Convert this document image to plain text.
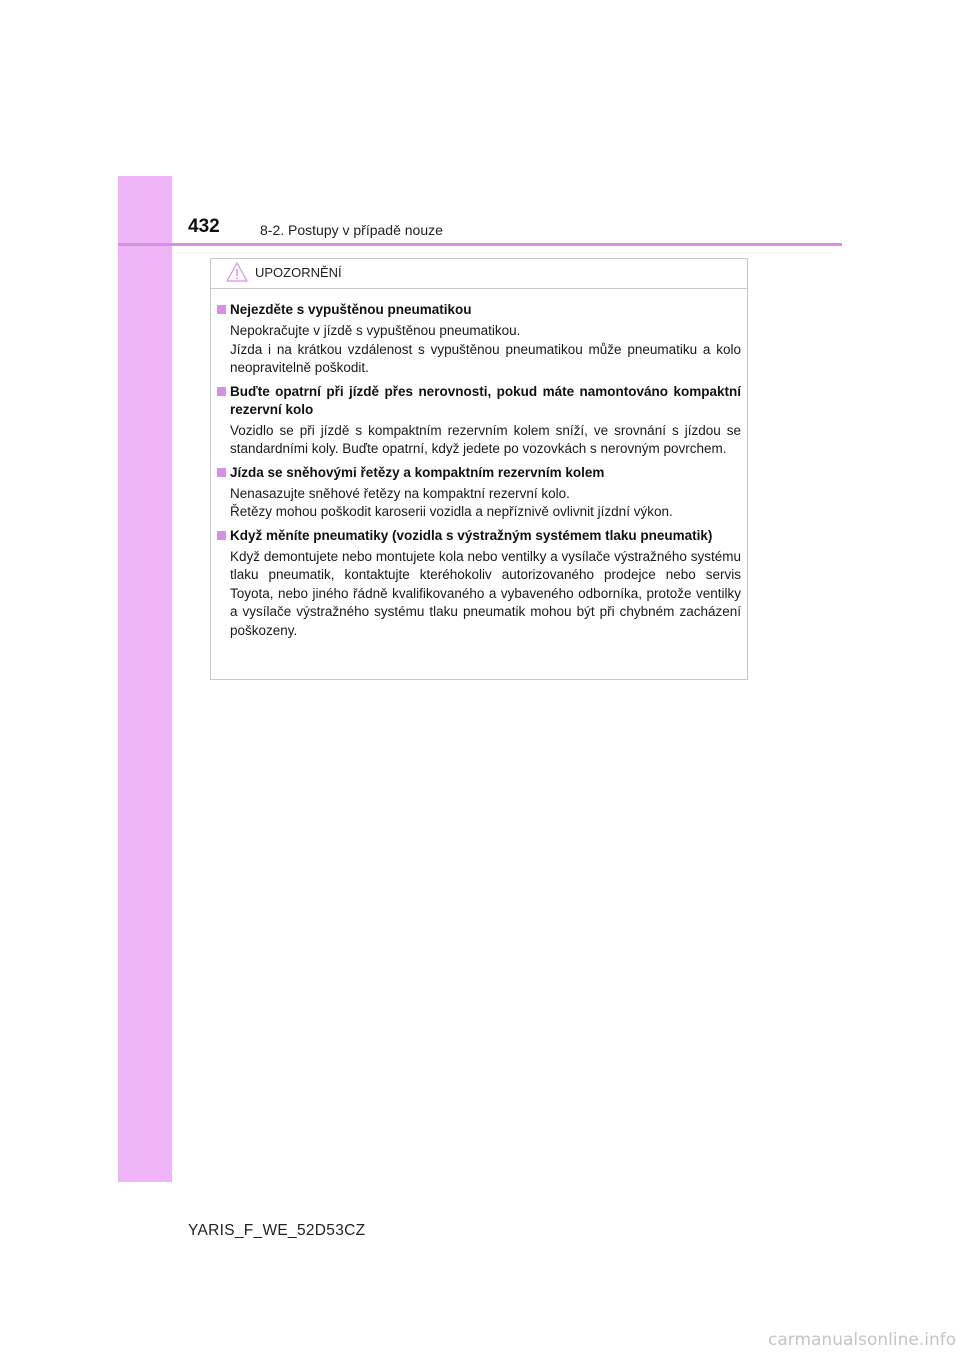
432	8-2. Postupy v případě nouze
UPOZORNĚNÍ
Nejezděte s vypuštěnou pneumatikou

Nepokračujte v jízdě s vypuštěnou pneumatikou.

Jízda i na krátkou vzdálenost s vypuštěnou pneumatikou může pneumatiku a kolo neopravitelně poškodit.

Buďte opatrní při jízdě přes nerovnosti, pokud máte namontováno kompaktní rezervní kolo

Vozidlo se při jízdě s kompaktním rezervním kolem sníží, ve srovnání s jízdou se standardními koly. Buďte opatrní, když jedete po vozovkách s nerovným povrchem.

Jízda se sněhovými řetězy a kompaktním rezervním kolem

Nenasazujte sněhové řetězy na kompaktní rezervní kolo.

Řetězy mohou poškodit karoserii vozidla a nepříznivě ovlivnit jízdní výkon.

Když měníte pneumatiky (vozidla s výstražným systémem tlaku pneumatik)

Když demontujete nebo montujete kola nebo ventilky a vysílače výstražného systému tlaku pneumatik, kontaktujte kteréhokoliv autorizovaného prodejce nebo servis Toyota, nebo jiného řádně kvalifikovaného a vybaveného odborníka, protože ventilky a vysílače výstražného systému tlaku pneumatik mohou být při chybném zacházení poškozeny.

YARIS_F_WE_52D53CZ
carmanualsonline.info
